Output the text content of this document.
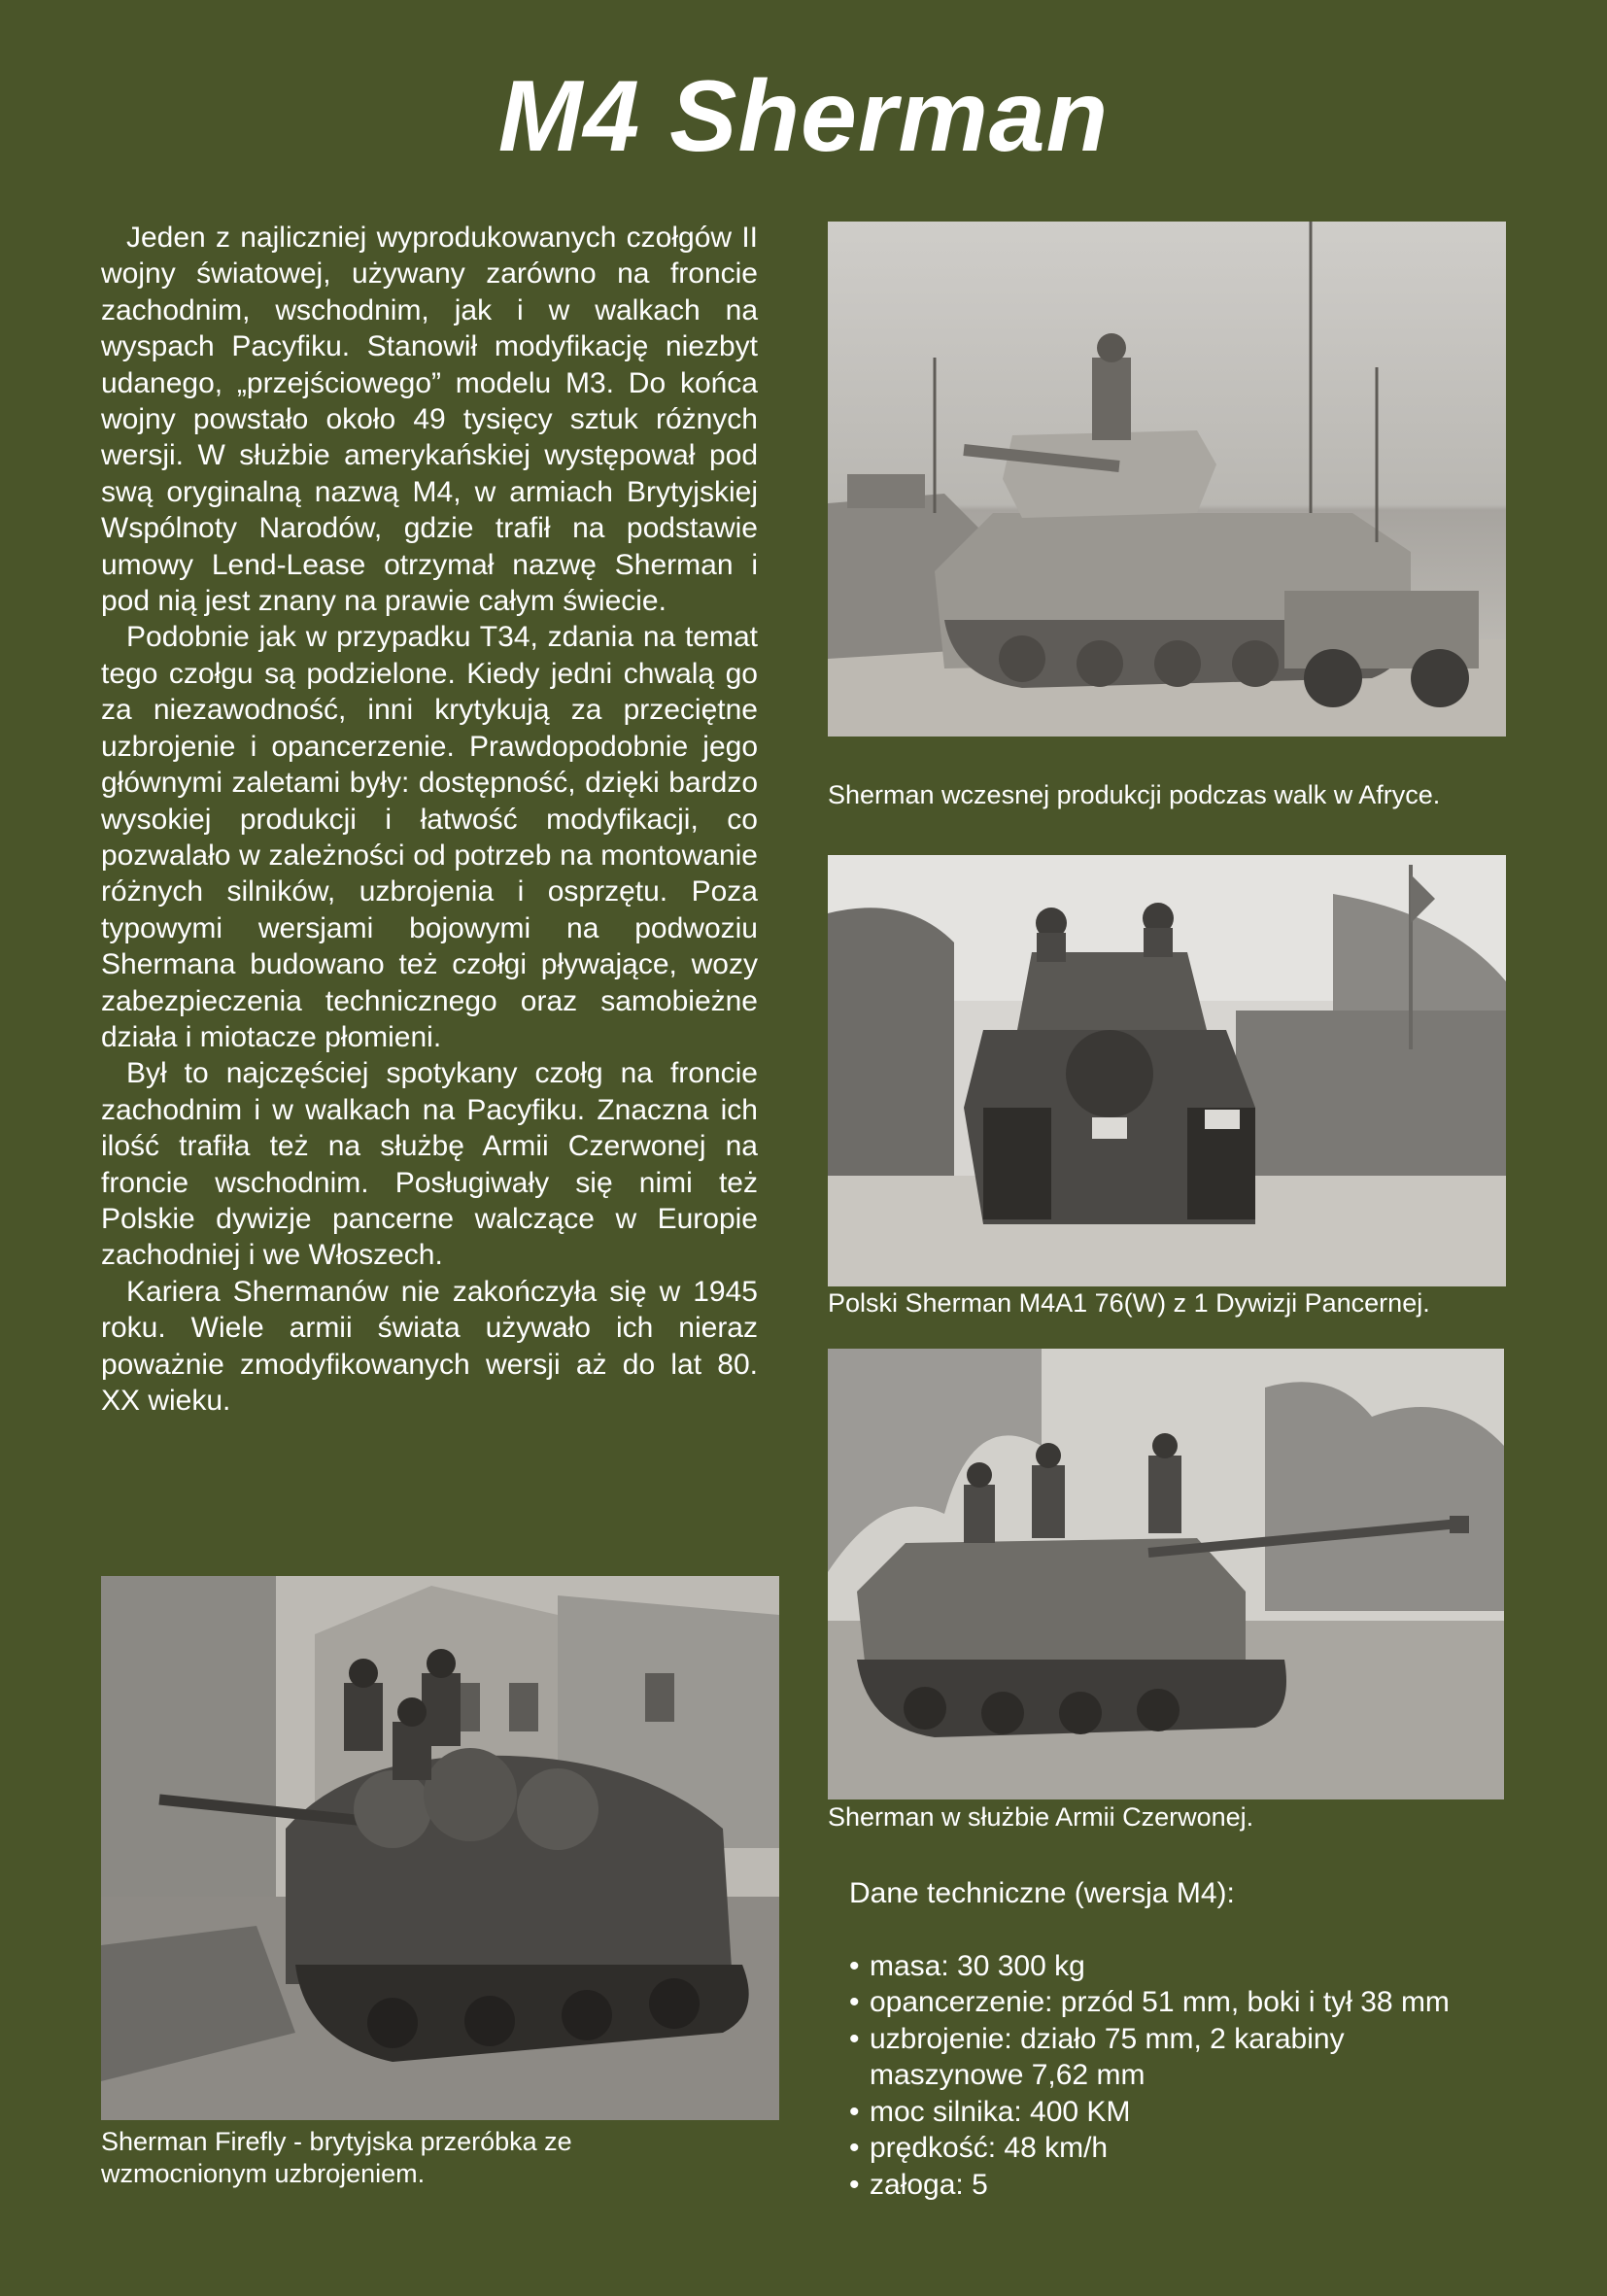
M4 Sherman

Jeden z najliczniej wyprodukowanych czołgów II wojny światowej, używany zarówno na froncie zachodnim, wschodnim, jak i w walkach na wyspach Pacyfiku. Stanowił modyfikację niezbyt udanego, „przejściowego” modelu M3. Do końca wojny powstało około 49 tysięcy sztuk różnych wersji. W służbie amerykańskiej występował pod swą oryginalną nazwą M4, w armiach Brytyjskiej Wspólnoty Narodów, gdzie trafił na podstawie umowy Lend-Lease otrzymał nazwę Sherman i pod nią jest znany na prawie całym świecie.

Podobnie jak w przypadku T34, zdania na temat tego czołgu są podzielone. Kiedy jedni chwalą go za niezawodność, inni krytykują za przeciętne uzbrojenie i opancerzenie. Prawdopodobnie jego głównymi zaletami były: dostępność, dzięki bardzo wysokiej produkcji i łatwość modyfikacji, co pozwalało w zależności od potrzeb na montowanie różnych silników, uzbrojenia i osprzętu. Poza typowymi wersjami bojowymi na podwoziu Shermana budowano też czołgi pływające, wozy zabezpieczenia technicznego oraz samobieżne działa i miotacze płomieni.

Był to najczęściej spotykany czołg na froncie zachodnim i w walkach na Pacyfiku. Znaczna ich ilość trafiła też na służbę Armii Czerwonej na froncie wschodnim. Posługiwały się nimi też Polskie dywizje pancerne walczące w Europie zachodniej i we Włoszech.

Kariera Shermanów nie zakończyła się w 1945 roku. Wiele armii świata używało ich nieraz poważnie zmodyfikowanych wersji aż do lat 80. XX wieku.

Sherman wczesnej produkcji podczas walk w Afryce.
Polski Sherman M4A1 76(W) z 1 Dywizji Pancernej.
Sherman w służbie Armii Czerwonej.
Sherman Firefly - brytyjska przeróbka ze wzmocnionym uzbrojeniem.
Dane techniczne (wersja M4):
• masa: 30 300 kg
• opancerzenie: przód 51 mm, boki i tył 38 mm
• uzbrojenie: działo 75 mm, 2 karabiny maszynowe 7,62 mm
• moc silnika: 400 KM
• prędkość: 48 km/h
• załoga: 5
